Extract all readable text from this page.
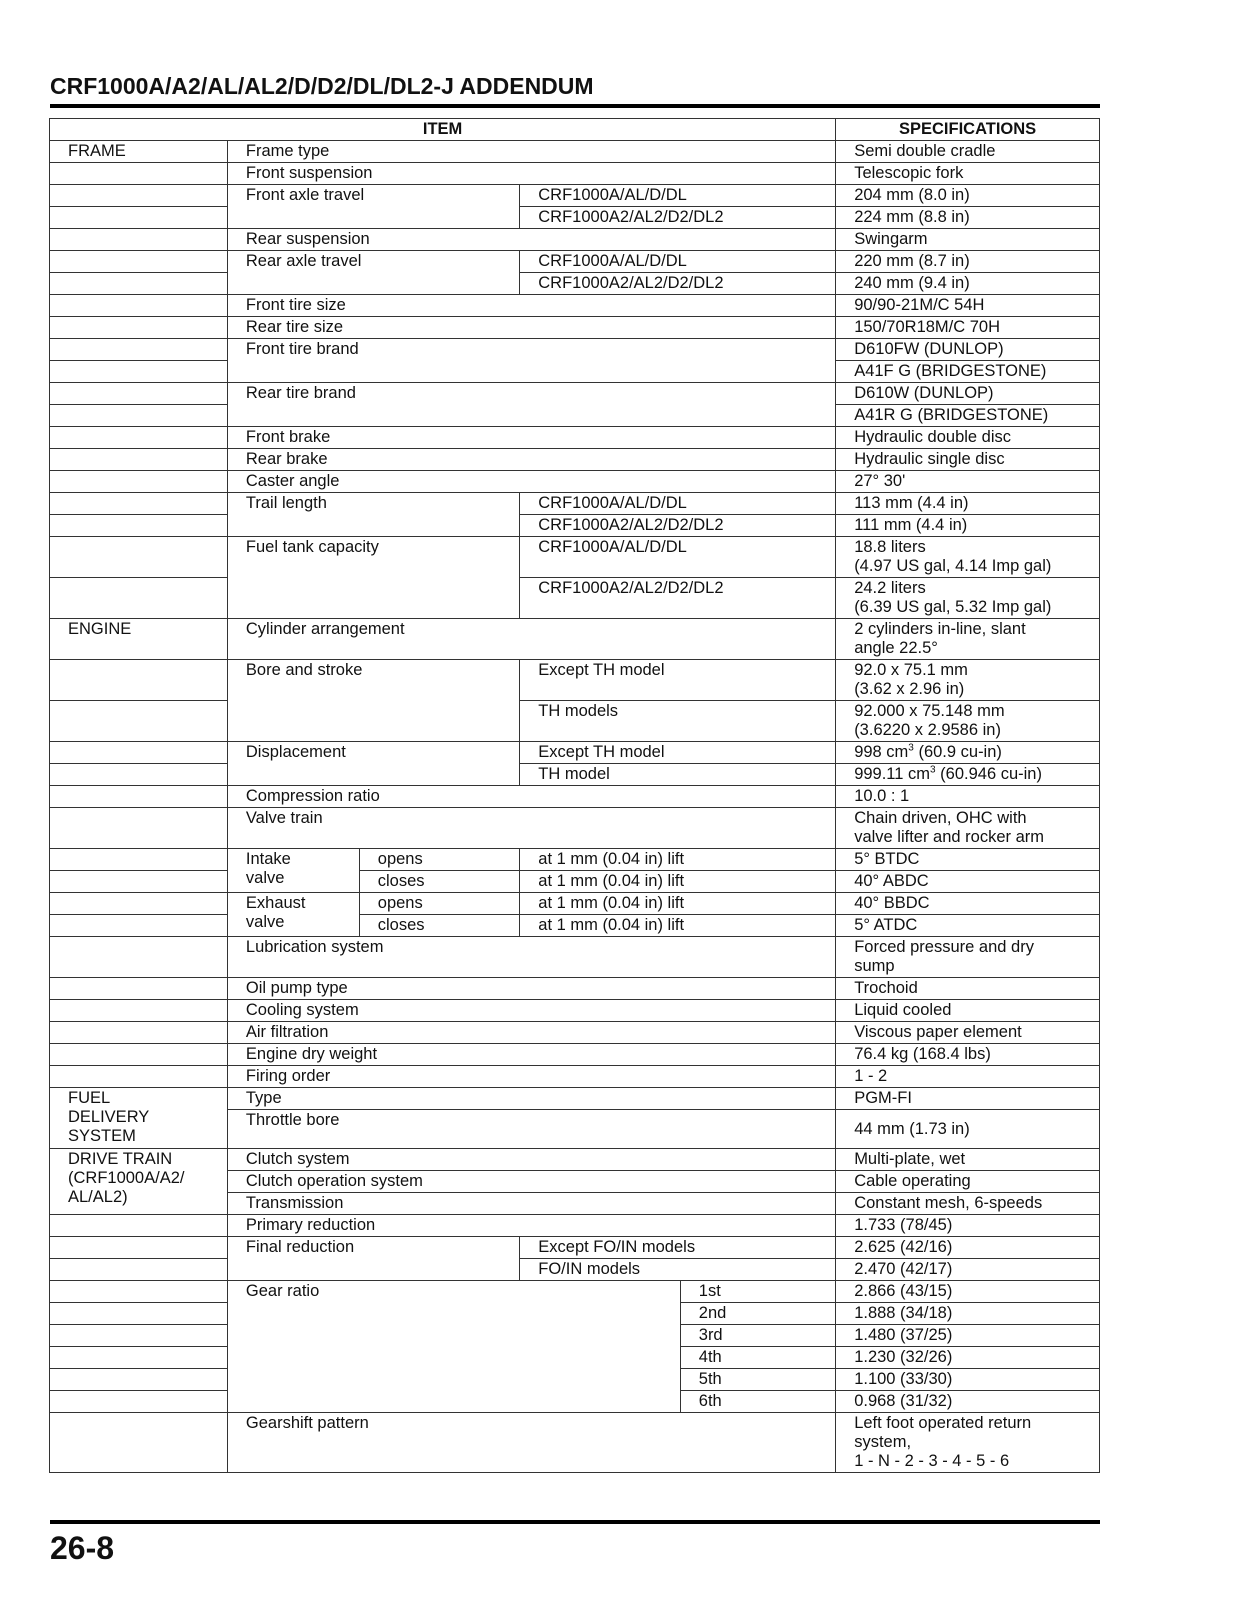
CRF1000A/A2/AL/AL2/D/D2/DL/DL2-J ADDENDUM
ITEM					SPECIFICATIONS
FRAME	Frame type				Semi double cradle
	Front suspension				Telescopic fork
	Front axle travel		CRF1000A/AL/D/DL		204 mm (8.0 in)
			CRF1000A2/AL2/D2/DL2		224 mm (8.8 in)
	Rear suspension				Swingarm
	Rear axle travel		CRF1000A/AL/D/DL		220 mm (8.7 in)
			CRF1000A2/AL2/D2/DL2		240 mm (9.4 in)
	Front tire size				90/90-21M/C 54H
	Rear tire size				150/70R18M/C 70H
	Front tire brand				D610FW (DUNLOP)
					A41F G (BRIDGESTONE)
	Rear tire brand				D610W (DUNLOP)
					A41R G (BRIDGESTONE)
	Front brake				Hydraulic double disc
	Rear brake				Hydraulic single disc
	Caster angle				27° 30'
	Trail length		CRF1000A/AL/D/DL		113 mm (4.4 in)
			CRF1000A2/AL2/D2/DL2		111 mm (4.4 in)
	Fuel tank capacity		CRF1000A/AL/D/DL		18.8 liters
(4.97 US gal, 4.14 Imp gal)
			CRF1000A2/AL2/D2/DL2		24.2 liters
(6.39 US gal, 5.32 Imp gal)
ENGINE	Cylinder arrangement				2 cylinders in-line, slant
angle 22.5°
	Bore and stroke		Except TH model		92.0 x 75.1 mm
(3.62 x 2.96 in)
			TH models		92.000 x 75.148 mm
(3.6220 x 2.9586 in)
	Displacement		Except TH model		998 $cm^3$ (60.9 cu-in)
			TH model		999.11 $cm^3$ (60.946 cu-in)
	Compression ratio				10.0 : 1
	Valve train				Chain driven, OHC with
valve lifter and rocker arm
	Intake
valve	opens	at 1 mm (0.04 in) lift		5° BTDC
		closes	at 1 mm (0.04 in) lift		40° ABDC
	Exhaust
valve	opens	at 1 mm (0.04 in) lift		40° BBDC
		closes	at 1 mm (0.04 in) lift		5° ATDC
	Lubrication system				Forced pressure and dry
sump
	Oil pump type				Trochoid
	Cooling system				Liquid cooled
	Air filtration				Viscous paper element
	Engine dry weight				76.4 kg (168.4 lbs)
	Firing order				1 - 2
FUEL
DELIVERY
SYSTEM	Type				PGM-FI
	Throttle bore				44 mm (1.73 in)
DRIVE TRAIN
(CRF1000A/A2/
AL/AL2)	Clutch system				Multi-plate, wet
	Clutch operation system				Cable operating
	Transmission				Constant mesh, 6-speeds
	Primary reduction				1.733 (78/45)
	Final reduction		Except FO/IN models		2.625 (42/16)
			FO/IN models		2.470 (42/17)
	Gear ratio			1st	2.866 (43/15)
				2nd	1.888 (34/18)
				3rd	1.480 (37/25)
				4th	1.230 (32/26)
				5th	1.100 (33/30)
				6th	0.968 (31/32)
	Gearshift pattern				Left foot operated return
system,
1 - N - 2 - 3 - 4 - 5 - 6
26-8
